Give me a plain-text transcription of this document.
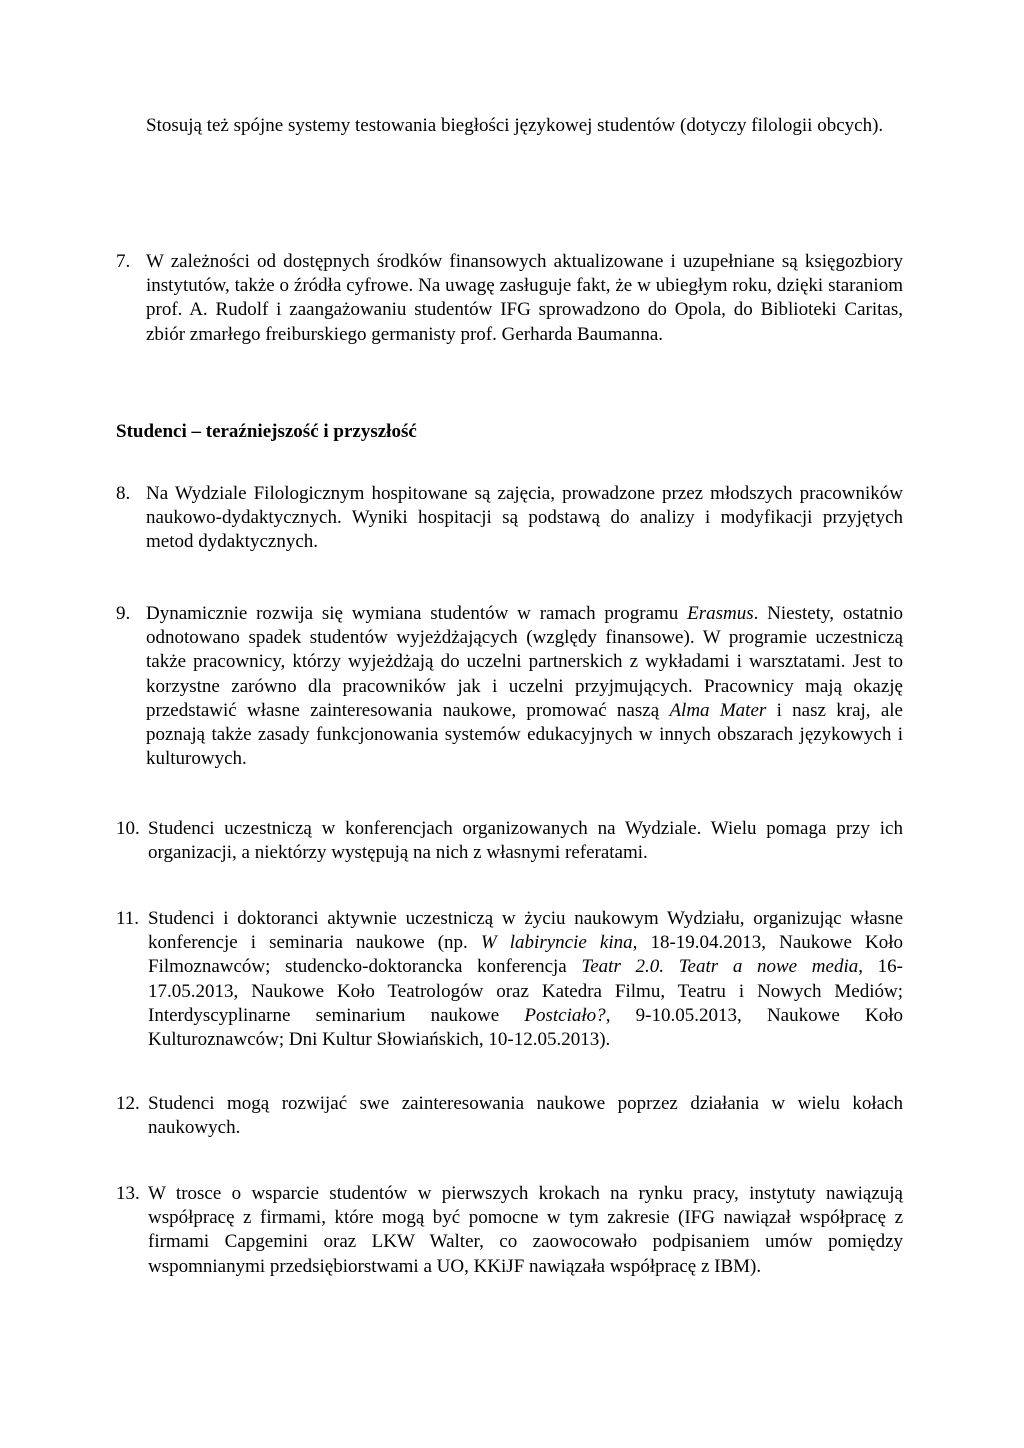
Stosują też spójne systemy testowania biegłości językowej studentów (dotyczy filologii obcych).

7. W zależności od dostępnych środków finansowych aktualizowane i uzupełniane są księgozbiory instytutów, także o źródła cyfrowe. Na uwagę zasługuje fakt, że w ubiegłym roku, dzięki staraniom prof. A. Rudolf i zaangażowaniu studentów IFG sprowadzono do Opola, do Biblioteki Caritas, zbiór zmarłego freiburskiego germanisty prof. Gerharda Baumanna.
Studenci – teraźniejszość i przyszłość
8. Na Wydziale Filologicznym hospitowane są zajęcia, prowadzone przez młodszych pracowników naukowo-dydaktycznych. Wyniki hospitacji są podstawą do analizy i modyfikacji przyjętych metod dydaktycznych.
9. Dynamicznie rozwija się wymiana studentów w ramach programu Erasmus. Niestety, ostatnio odnotowano spadek studentów wyjeżdżających (względy finansowe). W programie uczestniczą także pracownicy, którzy wyjeżdżają do uczelni partnerskich z wykładami i warsztatami. Jest to korzystne zarówno dla pracowników jak i uczelni przyjmujących. Pracownicy mają okazję przedstawić własne zainteresowania naukowe, promować naszą Alma Mater i nasz kraj, ale poznają także zasady funkcjonowania systemów edukacyjnych w innych obszarach językowych i kulturowych.
10. Studenci uczestniczą w konferencjach organizowanych na Wydziale. Wielu pomaga przy ich organizacji, a niektórzy występują na nich z własnymi referatami.
11. Studenci i doktoranci aktywnie uczestniczą w życiu naukowym Wydziału, organizując własne konferencje i seminaria naukowe (np. W labiryncie kina, 18-19.04.2013, Naukowe Koło Filmoznawców; studencko-doktorancka konferencja Teatr 2.0. Teatr a nowe media, 16-17.05.2013, Naukowe Koło Teatrologów oraz Katedra Filmu, Teatru i Nowych Mediów; Interdyscyplinarne seminarium naukowe Postciało?, 9-10.05.2013, Naukowe Koło Kulturoznawców; Dni Kultur Słowiańskich, 10-12.05.2013).
12. Studenci mogą rozwijać swe zainteresowania naukowe poprzez działania w wielu kołach naukowych.
13. W trosce o wsparcie studentów w pierwszych krokach na rynku pracy, instytuty nawiązują współpracę z firmami, które mogą być pomocne w tym zakresie (IFG nawiązał współpracę z firmami Capgemini oraz LKW Walter, co zaowocowało podpisaniem umów pomiędzy wspomnianymi przedsiębiorstwami a UO, KKiJF nawiązała współpracę z IBM).
